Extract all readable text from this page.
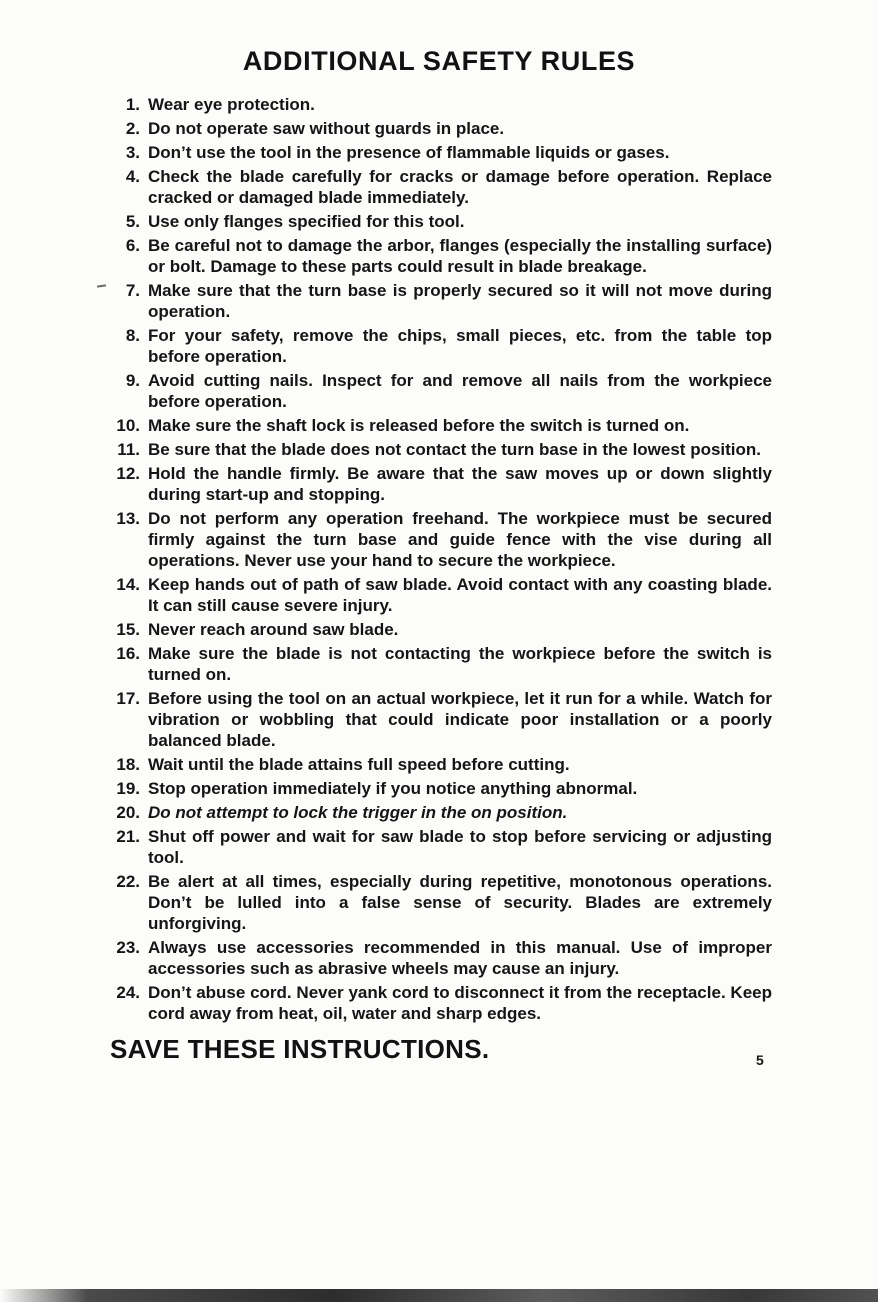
ADDITIONAL SAFETY RULES
1. Wear eye protection.
2. Do not operate saw without guards in place.
3. Don’t use the tool in the presence of flammable liquids or gases.
4. Check the blade carefully for cracks or damage before operation. Replace cracked or damaged blade immediately.
5. Use only flanges specified for this tool.
6. Be careful not to damage the arbor, flanges (especially the installing surface) or bolt. Damage to these parts could result in blade breakage.
7. Make sure that the turn base is properly secured so it will not move during operation.
8. For your safety, remove the chips, small pieces, etc. from the table top before operation.
9. Avoid cutting nails. Inspect for and remove all nails from the workpiece before operation.
10. Make sure the shaft lock is released before the switch is turned on.
11. Be sure that the blade does not contact the turn base in the lowest position.
12. Hold the handle firmly. Be aware that the saw moves up or down slightly during start-up and stopping.
13. Do not perform any operation freehand. The workpiece must be secured firmly against the turn base and guide fence with the vise during all operations. Never use your hand to secure the workpiece.
14. Keep hands out of path of saw blade. Avoid contact with any coasting blade. It can still cause severe injury.
15. Never reach around saw blade.
16. Make sure the blade is not contacting the workpiece before the switch is turned on.
17. Before using the tool on an actual workpiece, let it run for a while. Watch for vibration or wobbling that could indicate poor installation or a poorly balanced blade.
18. Wait until the blade attains full speed before cutting.
19. Stop operation immediately if you notice anything abnormal.
20. Do not attempt to lock the trigger in the on position.
21. Shut off power and wait for saw blade to stop before servicing or adjusting tool.
22. Be alert at all times, especially during repetitive, monotonous operations. Don’t be lulled into a false sense of security. Blades are extremely unforgiving.
23. Always use accessories recommended in this manual. Use of improper accessories such as abrasive wheels may cause an injury.
24. Don’t abuse cord. Never yank cord to disconnect it from the receptacle. Keep cord away from heat, oil, water and sharp edges.
SAVE THESE INSTRUCTIONS.	5
